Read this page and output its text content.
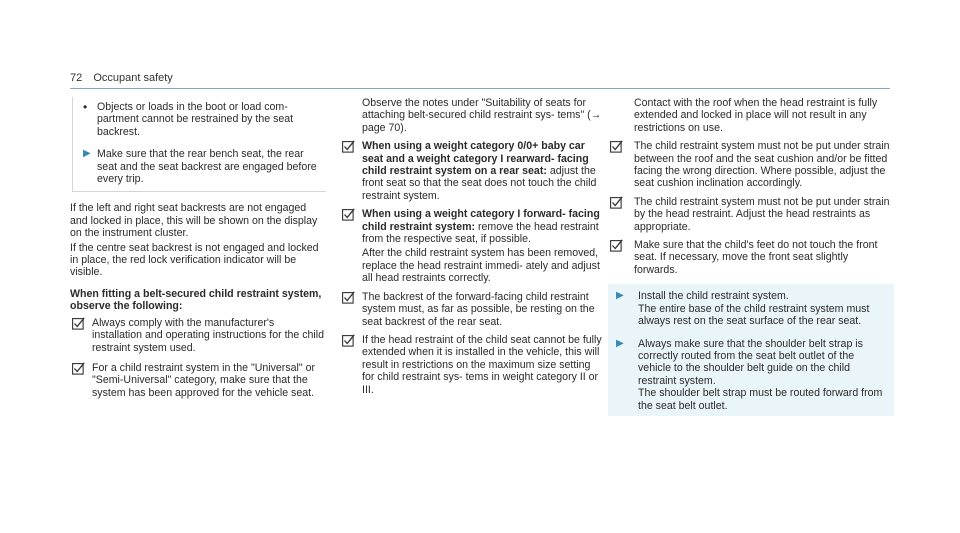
72 Occupant safety
• Objects or loads in the boot or load com- partment cannot be restrained by the seat backrest.
▶ Make sure that the rear bench seat, the rear seat and the seat backrest are engaged before every trip.

If the left and right seat backrests are not engaged and locked in place, this will be shown on the display on the instrument cluster.

If the centre seat backrest is not engaged and locked in place, the red lock verification indicator will be visible.

When fitting a belt-secured child restraint system, observe the following:

Always comply with the manufacturer's installation and operating instructions for the child restraint system used.
For a child restraint system in the "Universal" or "Semi-Universal" category, make sure that the system has been approved for the vehicle seat.

Observe the notes under "Suitability of seats for attaching belt-secured child restraint sys- tems" (→ page 70).

When using a weight category 0/0+ baby car seat and a weight category I rearward- facing child restraint system on a rear seat: adjust the front seat so that the seat does not touch the child restraint system.
When using a weight category I forward- facing child restraint system: remove the head restraint from the respective seat, if possible.
After the child restraint system has been removed, replace the head restraint immedi- ately and adjust all head restraints correctly.
The backrest of the forward-facing child restraint system must, as far as possible, be resting on the seat backrest of the rear seat.
If the head restraint of the child seat cannot be fully extended when it is installed in the vehicle, this will result in restrictions on the maximum size setting for child restraint sys- tems in weight category II or III.

Contact with the roof when the head restraint is fully extended and locked in place will not result in any restrictions on use.

The child restraint system must not be put under strain between the roof and the seat cushion and/or be fitted facing the wrong direction. Where possible, adjust the seat cushion inclination accordingly.
The child restraint system must not be put under strain by the head restraint. Adjust the head restraints as appropriate.
Make sure that the child's feet do not touch the front seat. If necessary, move the front seat slightly forwards.
▶	Install the child restraint system.
The entire base of the child restraint system must always rest on the seat surface of the rear seat.
▶	Always make sure that the shoulder belt strap is correctly routed from the seat belt outlet of the vehicle to the shoulder belt guide on the child restraint system.
The shoulder belt strap must be routed forward from the seat belt outlet.
